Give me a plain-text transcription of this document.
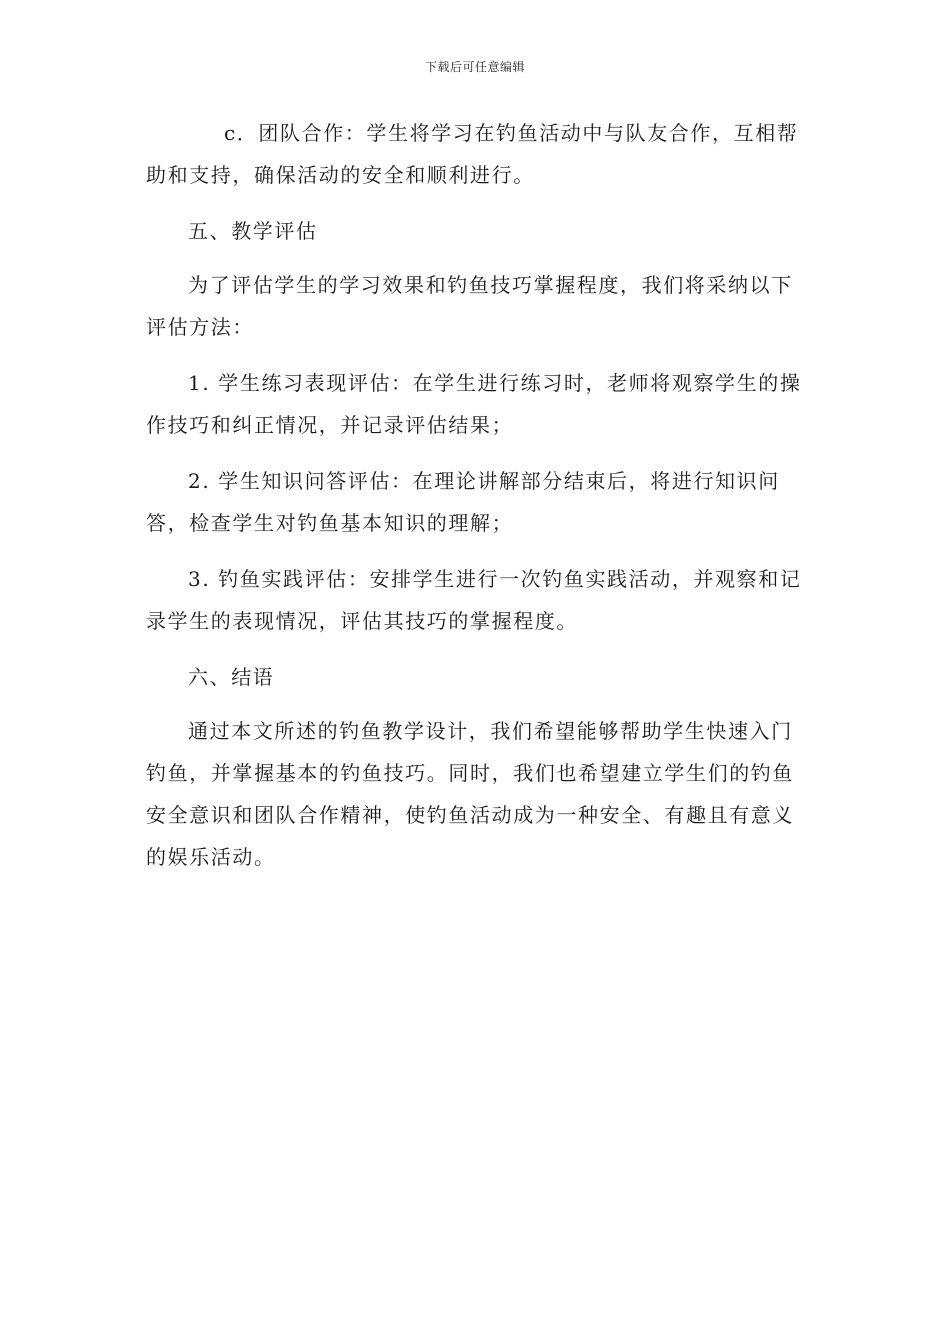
下载后可任意编辑

c．团队合作：学生将学习在钓鱼活动中与队友合作，互相帮助和支持，确保活动的安全和顺利进行。

五、教学评估

为了评估学生的学习效果和钓鱼技巧掌握程度，我们将采纳以下评估方法：

1. 学生练习表现评估：在学生进行练习时，老师将观察学生的操作技巧和纠正情况，并记录评估结果；

2. 学生知识问答评估：在理论讲解部分结束后，将进行知识问答，检查学生对钓鱼基本知识的理解；

3. 钓鱼实践评估：安排学生进行一次钓鱼实践活动，并观察和记录学生的表现情况，评估其技巧的掌握程度。

六、结语

通过本文所述的钓鱼教学设计，我们希望能够帮助学生快速入门钓鱼，并掌握基本的钓鱼技巧。同时，我们也希望建立学生们的钓鱼安全意识和团队合作精神，使钓鱼活动成为一种安全、有趣且有意义的娱乐活动。
